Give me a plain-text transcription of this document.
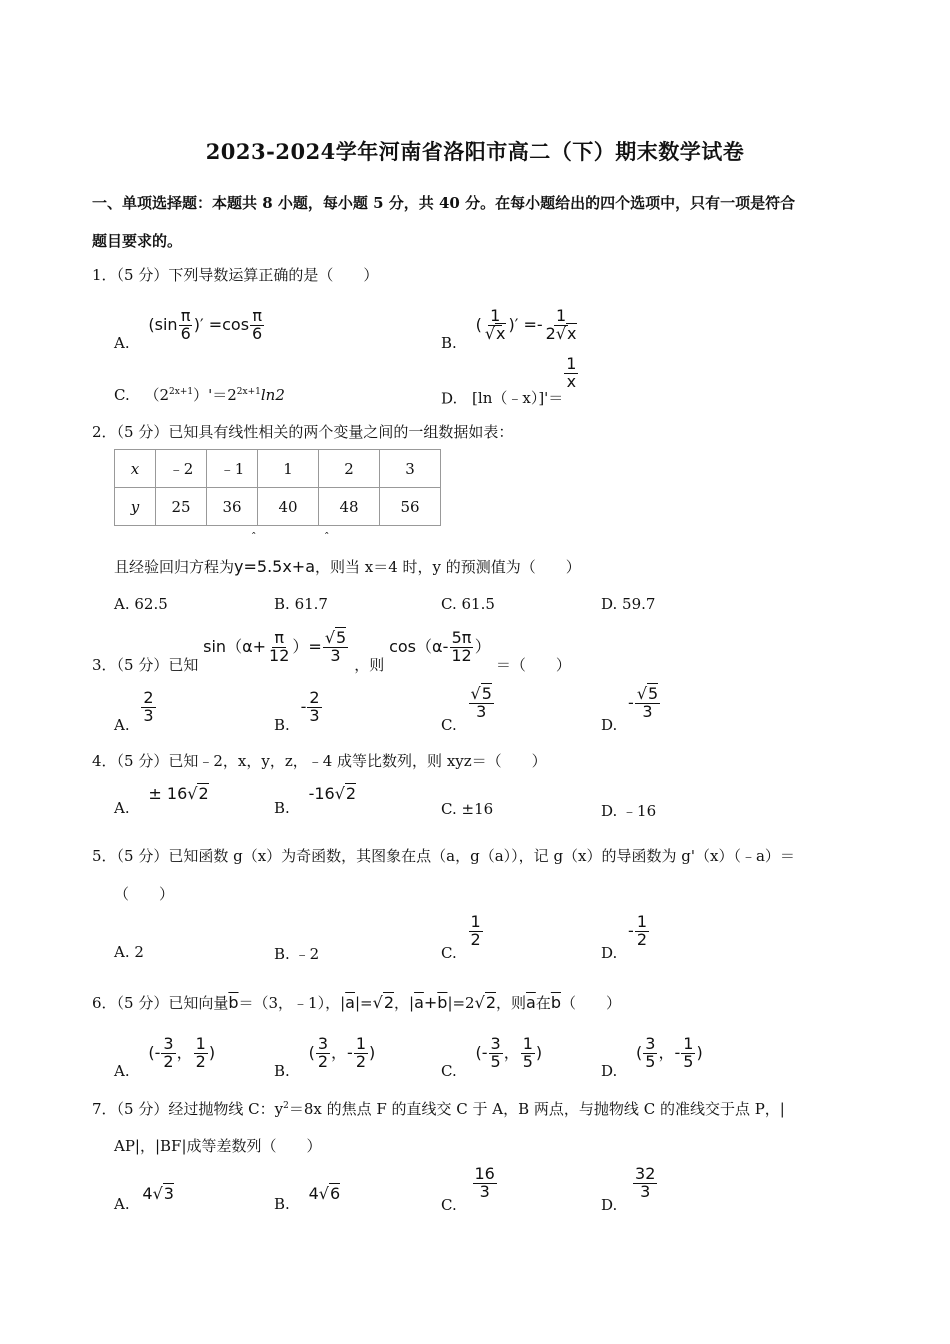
2023-2024学年河南省洛阳市高二（下）期末数学试卷
一、单项选择题：本题共 8 小题，每小题 5 分，共 40 分。在每小题给出的四个选项中，只有一项是符合
题目要求的。
1．（5 分）下列导数运算正确的是（　　）
A. ($\sin \frac{\pi}{6}$ )′ $=\cos \frac{\pi}{6}$
B. ( $\frac{1}{√x}$ )′ =- $\frac{1}{2√x}$
C. $(2^{2x+1})'=2^{2x+1}\ln 2$	D. [ln（﹣x）]'＝
$\frac{1}{x}$
2．（5 分）已知具有线性相关的两个变量之间的一组数据如表：
x	﹣2	﹣1	1	2	3
y	25	36	40	48	56
ˆ	ˆ
且经验回归方程为y=5.5x+a，则当 x＝4 时，y 的预测值为（　　）
A. 62.5	B. 61.7	C. 61.5	D. 59.7
3．（5 分）已知 $\sin(\alpha+ \frac{\pi}{12}$ ）= $\frac{√5}{3}$
，则 $\cos(\alpha- \frac{5\pi}{12}$ ） ＝（　　）
A.
$\frac{2}{3}$
B. - $\frac{2}{3}$
C.
$\frac{√5}{3}$
D. - $\frac{√5}{3}$
4．（5 分）已知﹣2，x，y，z，﹣4 成等比数列，则 xyz＝（　　）
A. ± 16√2
B. -16√2
C. ±16	D. ﹣16
5．（5 分）已知函数 g（x）为奇函数，其图象在点（a，g（a）），记 g（x）的导函数为 g'（x）（﹣a）＝
（　　）
A. 2	B. ﹣2	C.
$\frac{1}{2}$
D. - $\frac{1}{2}$
6．（5 分）已知向量$\overline{b}=(3$，﹣1），$|\overline{a}|=√2$，$|\overline{a}+\overline{b}|=2√2$，则$\overline{a}$在$\overline{b}$（　　）
A. (- $\frac{3}{2}$ ， $\frac{1}{2}$ )
B. ( $\frac{3}{2}$ ，- $\frac{1}{2}$ )
C. (- $\frac{3}{5}$ ， $\frac{1}{5}$ )
D. ( $\frac{3}{5}$ ，- $\frac{1}{5}$ )
7．（5 分）经过抛物线 C：$y^2=8x$ 的焦点 F 的直线交 C 于 A，B 两点，与抛物线 C 的准线交于点 P，|
AP|，|BF|成等差数列（　　）
A. 4√3
B. 4√6
C.
$\frac{16}{3}$
D.
$\frac{32}{3}$
